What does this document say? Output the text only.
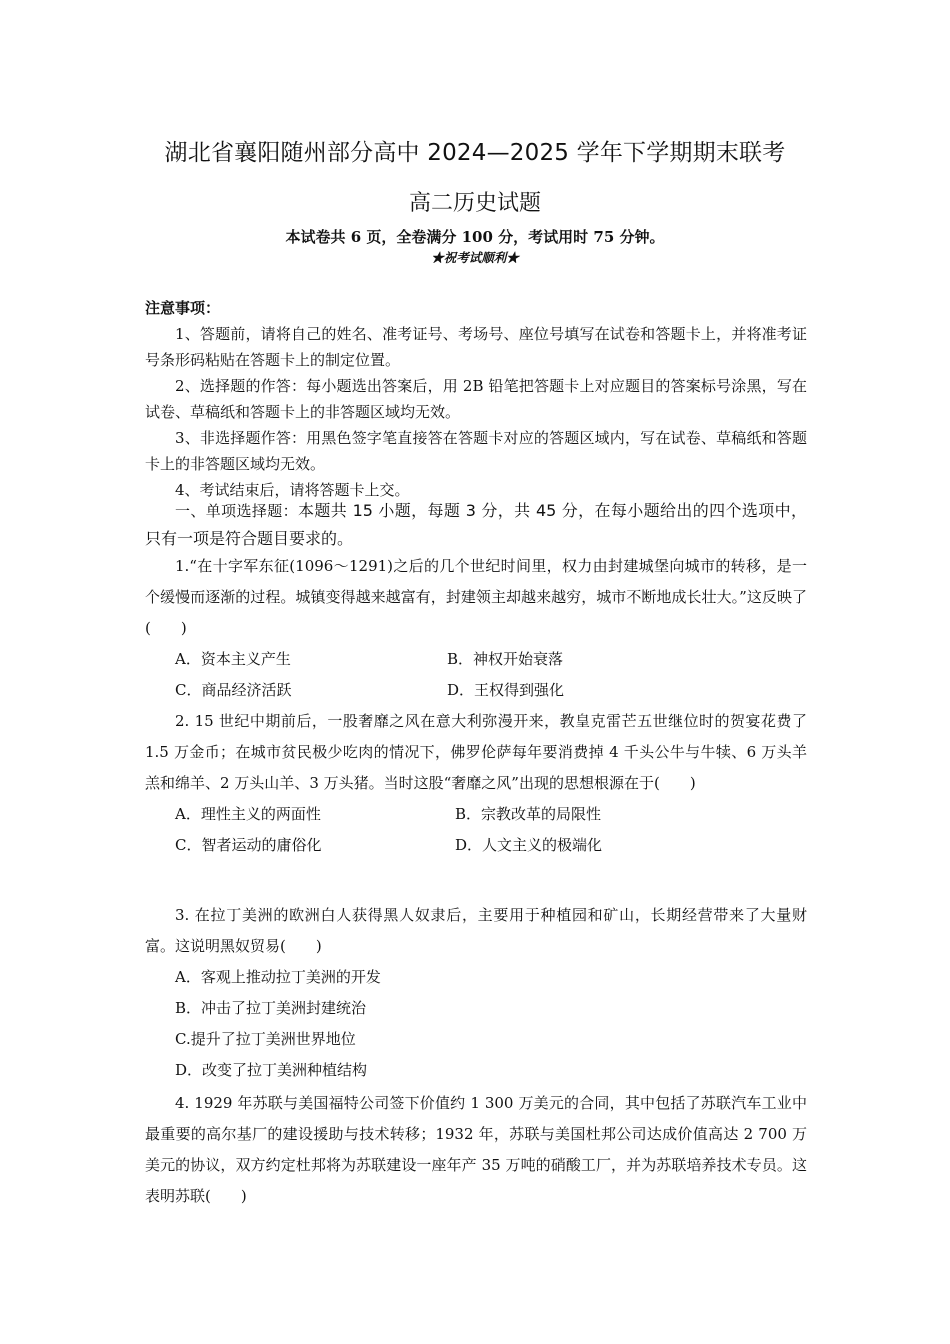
湖北省襄阳随州部分高中 2024—2025 学年下学期期末联考
高二历史试题
本试卷共 6 页，全卷满分 100 分，考试用时 75 分钟。
★祝考试顺利★
注意事项：

1、答题前，请将自己的姓名、准考证号、考场号、座位号填写在试卷和答题卡上，并将准考证号条形码粘贴在答题卡上的制定位置。

2、选择题的作答：每小题选出答案后，用 2B 铅笔把答题卡上对应题目的答案标号涂黑，写在试卷、草稿纸和答题卡上的非答题区域均无效。

3、非选择题作答：用黑色签字笔直接答在答题卡对应的答题区域内，写在试卷、草稿纸和答题卡上的非答题区域均无效。

4、考试结束后，请将答题卡上交。

一、单项选择题：本题共 15 小题，每题 3 分，共 45 分，在每小题给出的四个选项中，只有一项是符合题目要求的。

1.“在十字军东征(1096～1291)之后的几个世纪时间里，权力由封建城堡向城市的转移，是一个缓慢而逐渐的过程。城镇变得越来越富有，封建领主却越来越穷，城市不断地成长壮大。”这反映了(　　)

A．资本主义产生	B．神权开始衰落
C．商品经济活跃	D．王权得到强化

2. 15 世纪中期前后，一股奢靡之风在意大利弥漫开来，教皇克雷芒五世继位时的贺宴花费了 1.5 万金币；在城市贫民极少吃肉的情况下，佛罗伦萨每年要消费掉 4 千头公牛与牛犊、6 万头羊羔和绵羊、2 万头山羊、3 万头猪。当时这股“奢靡之风”出现的思想根源在于(　　)

A．理性主义的两面性	B．宗教改革的局限性
C．智者运动的庸俗化	D．人文主义的极端化

3. 在拉丁美洲的欧洲白人获得黑人奴隶后，主要用于种植园和矿山，长期经营带来了大量财富。这说明黑奴贸易(　　)

A．客观上推动拉丁美洲的开发
B．冲击了拉丁美洲封建统治
C.提升了拉丁美洲世界地位
D．改变了拉丁美洲种植结构

4. 1929 年苏联与美国福特公司签下价值约 1 300 万美元的合同，其中包括了苏联汽车工业中最重要的高尔基厂的建设援助与技术转移；1932 年，苏联与美国杜邦公司达成价值高达 2 700 万美元的协议，双方约定杜邦将为苏联建设一座年产 35 万吨的硝酸工厂，并为苏联培养技术专员。这表明苏联(　　)
